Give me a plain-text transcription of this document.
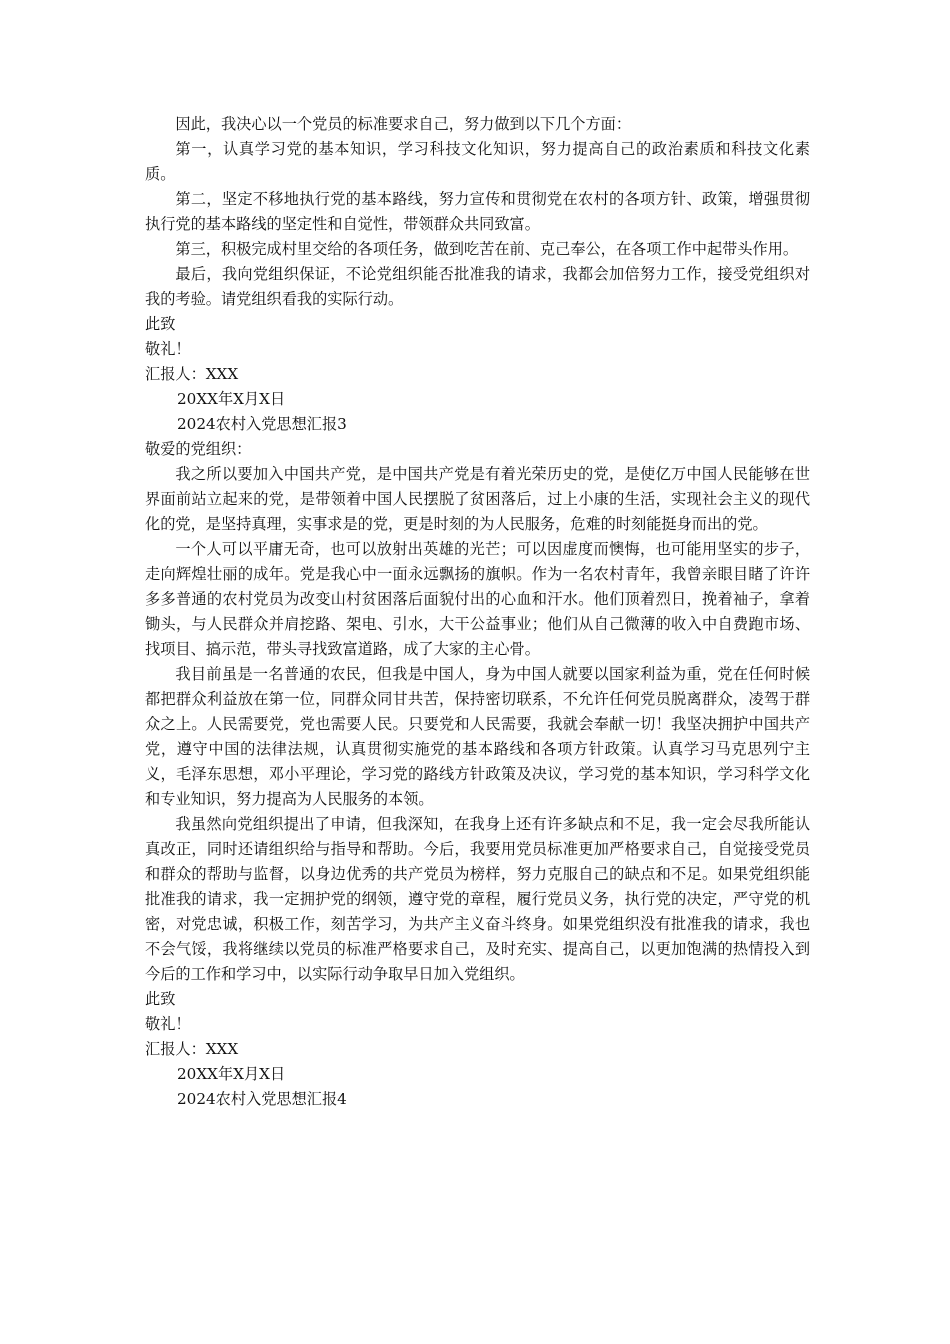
因此，我决心以一个党员的标准要求自己，努力做到以下几个方面：

第一，认真学习党的基本知识，学习科技文化知识，努力提高自己的政治素质和科技文化素质。

第二，坚定不移地执行党的基本路线，努力宣传和贯彻党在农村的各项方针、政策，增强贯彻执行党的基本路线的坚定性和自觉性，带领群众共同致富。

第三，积极完成村里交给的各项任务，做到吃苦在前、克己奉公，在各项工作中起带头作用。

最后，我向党组织保证，不论党组织能否批准我的请求，我都会加倍努力工作，接受党组织对我的考验。请党组织看我的实际行动。

此致

敬礼！

汇报人：XXX

20XX年X月X日

2024农村入党思想汇报3

敬爱的党组织：

我之所以要加入中国共产党，是中国共产党是有着光荣历史的党，是使亿万中国人民能够在世界面前站立起来的党，是带领着中国人民摆脱了贫困落后，过上小康的生活，实现社会主义的现代化的党，是坚持真理，实事求是的党，更是时刻的为人民服务，危难的时刻能挺身而出的党。

一个人可以平庸无奇，也可以放射出英雄的光芒；可以因虚度而懊悔，也可能用坚实的步子，走向辉煌壮丽的成年。党是我心中一面永远飘扬的旗帜。作为一名农村青年，我曾亲眼目睹了许许多多普通的农村党员为改变山村贫困落后面貌付出的心血和汗水。他们顶着烈日，挽着袖子，拿着锄头，与人民群众并肩挖路、架电、引水，大干公益事业；他们从自己微薄的收入中自费跑市场、找项目、搞示范，带头寻找致富道路，成了大家的主心骨。

我目前虽是一名普通的农民，但我是中国人，身为中国人就要以国家利益为重，党在任何时候都把群众利益放在第一位，同群众同甘共苦，保持密切联系，不允许任何党员脱离群众，凌驾于群众之上。人民需要党，党也需要人民。只要党和人民需要，我就会奉献一切！我坚决拥护中国共产党，遵守中国的法律法规，认真贯彻实施党的基本路线和各项方针政策。认真学习马克思列宁主义，毛泽东思想，邓小平理论，学习党的路线方针政策及决议，学习党的基本知识，学习科学文化和专业知识，努力提高为人民服务的本领。

我虽然向党组织提出了申请，但我深知，在我身上还有许多缺点和不足，我一定会尽我所能认真改正，同时还请组织给与指导和帮助。今后，我要用党员标准更加严格要求自己，自觉接受党员和群众的帮助与监督，以身边优秀的共产党员为榜样，努力克服自己的缺点和不足。如果党组织能批准我的请求，我一定拥护党的纲领，遵守党的章程，履行党员义务，执行党的决定，严守党的机密，对党忠诚，积极工作，刻苦学习，为共产主义奋斗终身。如果党组织没有批准我的请求，我也不会气馁，我将继续以党员的标准严格要求自己，及时充实、提高自己，以更加饱满的热情投入到今后的工作和学习中，以实际行动争取早日加入党组织。

此致

敬礼！

汇报人：XXX

20XX年X月X日

2024农村入党思想汇报4
